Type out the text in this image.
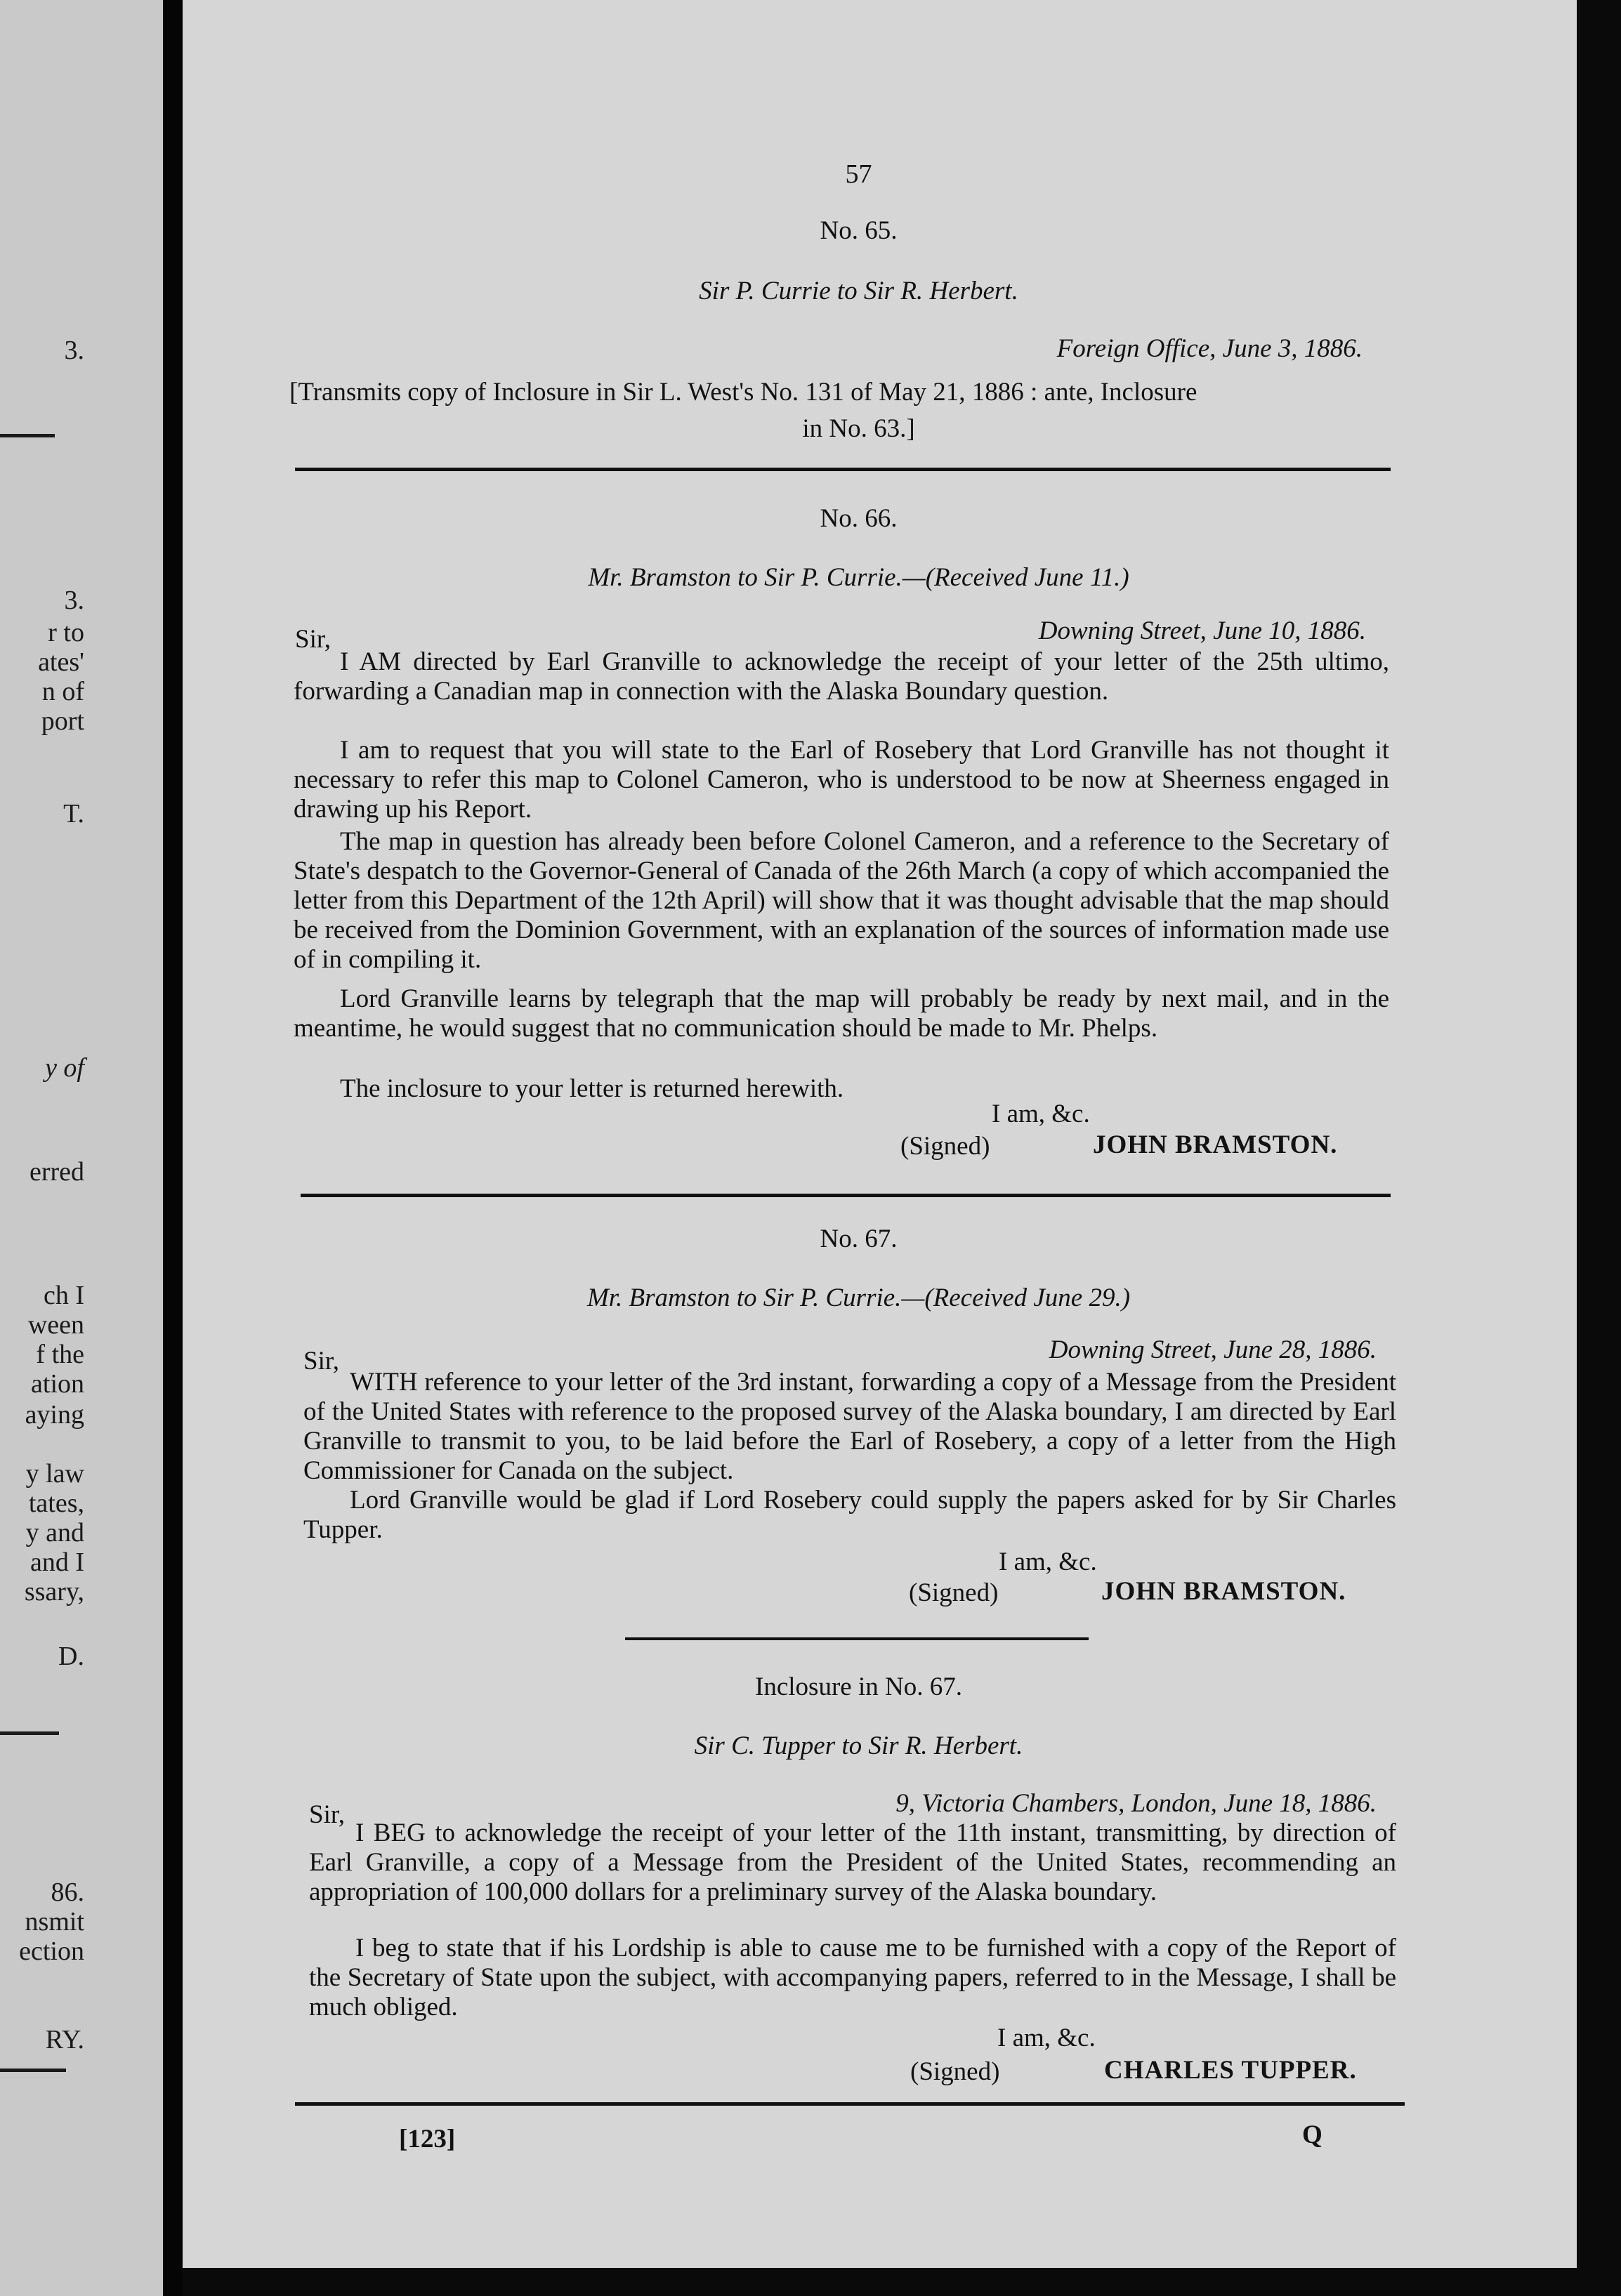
3.
3.
r to
ates'
n of
port
T.
y of
erred
ch I
ween
f the
ation
aying
y law
tates,
y and
and I
ssary,
D.
86.
nsmit
ection
RY.
57
No. 65.
Sir P. Currie to Sir R. Herbert.
Foreign Office, June 3, 1886.
[Transmits copy of Inclosure in Sir L. West's No. 131 of May 21, 1886 : ante, Inclosure
in No. 63.]
No. 66.
Mr. Bramston to Sir P. Currie.—(Received June 11.)
Sir,	Downing Street, June 10, 1886.
I AM directed by Earl Granville to acknowledge the receipt of your letter of the 25th ultimo, forwarding a Canadian map in connection with the Alaska Boundary question.
I am to request that you will state to the Earl of Rosebery that Lord Granville has not thought it necessary to refer this map to Colonel Cameron, who is understood to be now at Sheerness engaged in drawing up his Report.
The map in question has already been before Colonel Cameron, and a reference to the Secretary of State's despatch to the Governor-General of Canada of the 26th March (a copy of which accompanied the letter from this Department of the 12th April) will show that it was thought advisable that the map should be received from the Dominion Government, with an explanation of the sources of information made use of in compiling it.
Lord Granville learns by telegraph that the map will probably be ready by next mail, and in the meantime, he would suggest that no communication should be made to Mr. Phelps.
The inclosure to your letter is returned herewith.
I am, &c.
(Signed)	JOHN BRAMSTON.
No. 67.
Mr. Bramston to Sir P. Currie.—(Received June 29.)
Sir,	Downing Street, June 28, 1886.
WITH reference to your letter of the 3rd instant, forwarding a copy of a Message from the President of the United States with reference to the proposed survey of the Alaska boundary, I am directed by Earl Granville to transmit to you, to be laid before the Earl of Rosebery, a copy of a letter from the High Commissioner for Canada on the subject.
Lord Granville would be glad if Lord Rosebery could supply the papers asked for by Sir Charles Tupper.
I am, &c.
(Signed)	JOHN BRAMSTON.
Inclosure in No. 67.
Sir C. Tupper to Sir R. Herbert.
Sir,	9, Victoria Chambers, London, June 18, 1886.
I BEG to acknowledge the receipt of your letter of the 11th instant, transmitting, by direction of Earl Granville, a copy of a Message from the President of the United States, recommending an appropriation of 100,000 dollars for a preliminary survey of the Alaska boundary.
I beg to state that if his Lordship is able to cause me to be furnished with a copy of the Report of the Secretary of State upon the subject, with accompanying papers, referred to in the Message, I shall be much obliged.
I am, &c.
(Signed)	CHARLES TUPPER.
[123]	Q
